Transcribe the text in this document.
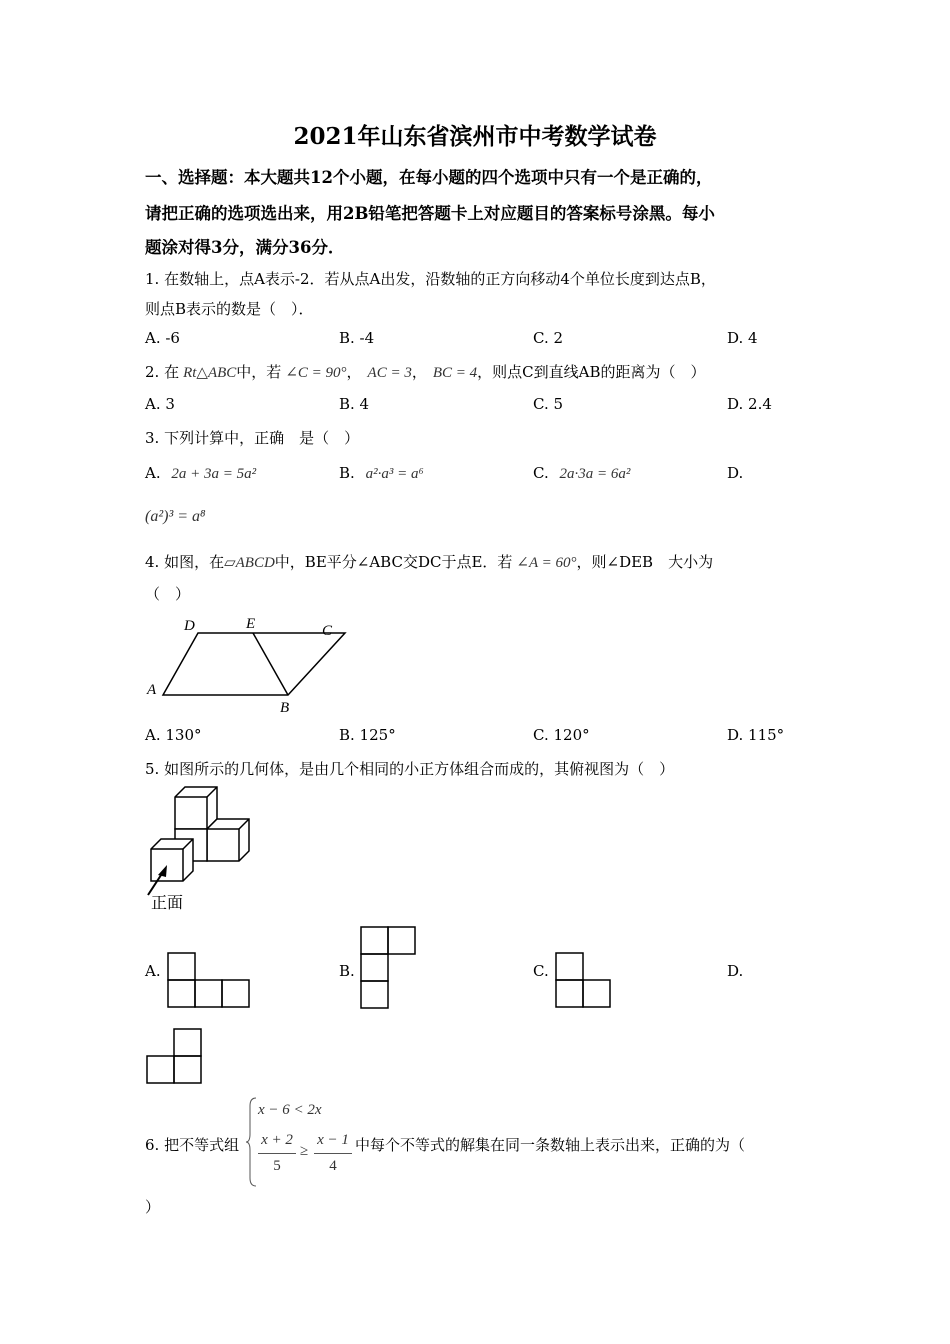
2021年山东省滨州市中考数学试卷
一、选择题：本大题共12个小题，在每小题的四个选项中只有一个是正确的，
请把正确的选项选出来，用2B铅笔把答题卡上对应题目的答案标号涂黑。每小
题涂对得3分，满分36分．
1. 在数轴上，点A表示-2．若从点A出发，沿数轴的正方向移动4个单位长度到达点B，
则点B表示的数是（　）．
A. -6	B. -4	C. 2	D. 4
2. 在 Rt△ABC中，若 ∠C = 90°， AC = 3， BC = 4，则点C到直线AB的距离为（　）
A. 3	B. 4	C. 5	D. 2.4
3. 下列计算中，正确　是（　）
A. 2a + 3a = 5a²	B. a²·a³ = a⁶	C. 2a·3a = 6a²	D.
(a²)³ = a⁸
4. 如图，在▱ABCD中，BE平分∠ABC交DC于点E．若 ∠A = 60°，则∠DEB　大小为
（　）
D	E	C
A
B
A. 130°	B. 125°	C. 120°	D. 115°
5. 如图所示的几何体，是由几个相同的小正方体组合而成的，其俯视图为（　）
正面
A.	B.	C.	D.
6. 把不等式组
x − 6 < 2x
x + 2
5
≥
x − 1
4
中每个不等式的解集在同一条数轴上表示出来，正确的为（
）
